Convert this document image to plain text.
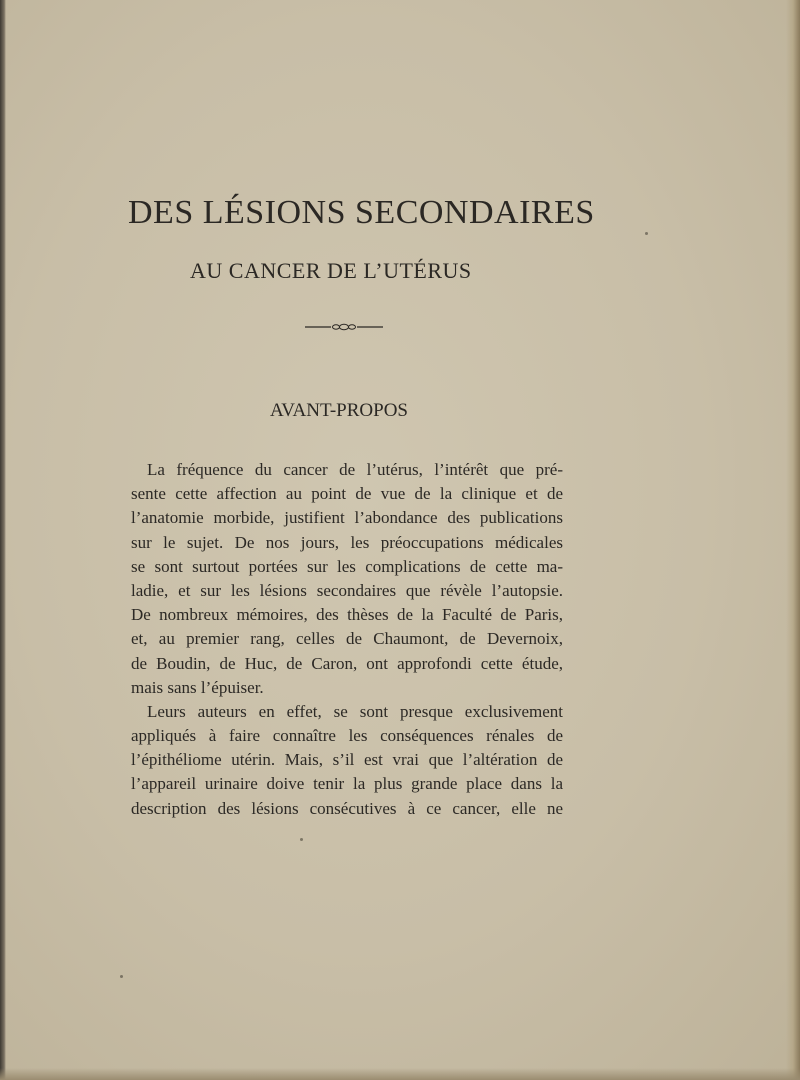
DES LÉSIONS SECONDAIRES
AU CANCER DE L’UTÉRUS
AVANT-PROPOS
La fréquence du cancer de l’utérus, l’intérêt que pré-
sente cette affection au point de vue de la clinique et de
l’anatomie morbide, justifient l’abondance des publications
sur le sujet. De nos jours, les préoccupations médicales
se sont surtout portées sur les complications de cette ma-
ladie, et sur les lésions secondaires que révèle l’autopsie.
De nombreux mémoires, des thèses de la Faculté de Paris,
et, au premier rang, celles de Chaumont, de Devernoix,
de Boudin, de Huc, de Caron, ont approfondi cette étude,
mais sans l’épuiser.
Leurs auteurs en effet, se sont presque exclusivement
appliqués à faire connaître les conséquences rénales de
l’épithéliome utérin. Mais, s’il est vrai que l’altération de
l’appareil urinaire doive tenir la plus grande place dans la
description des lésions consécutives à ce cancer, elle ne
